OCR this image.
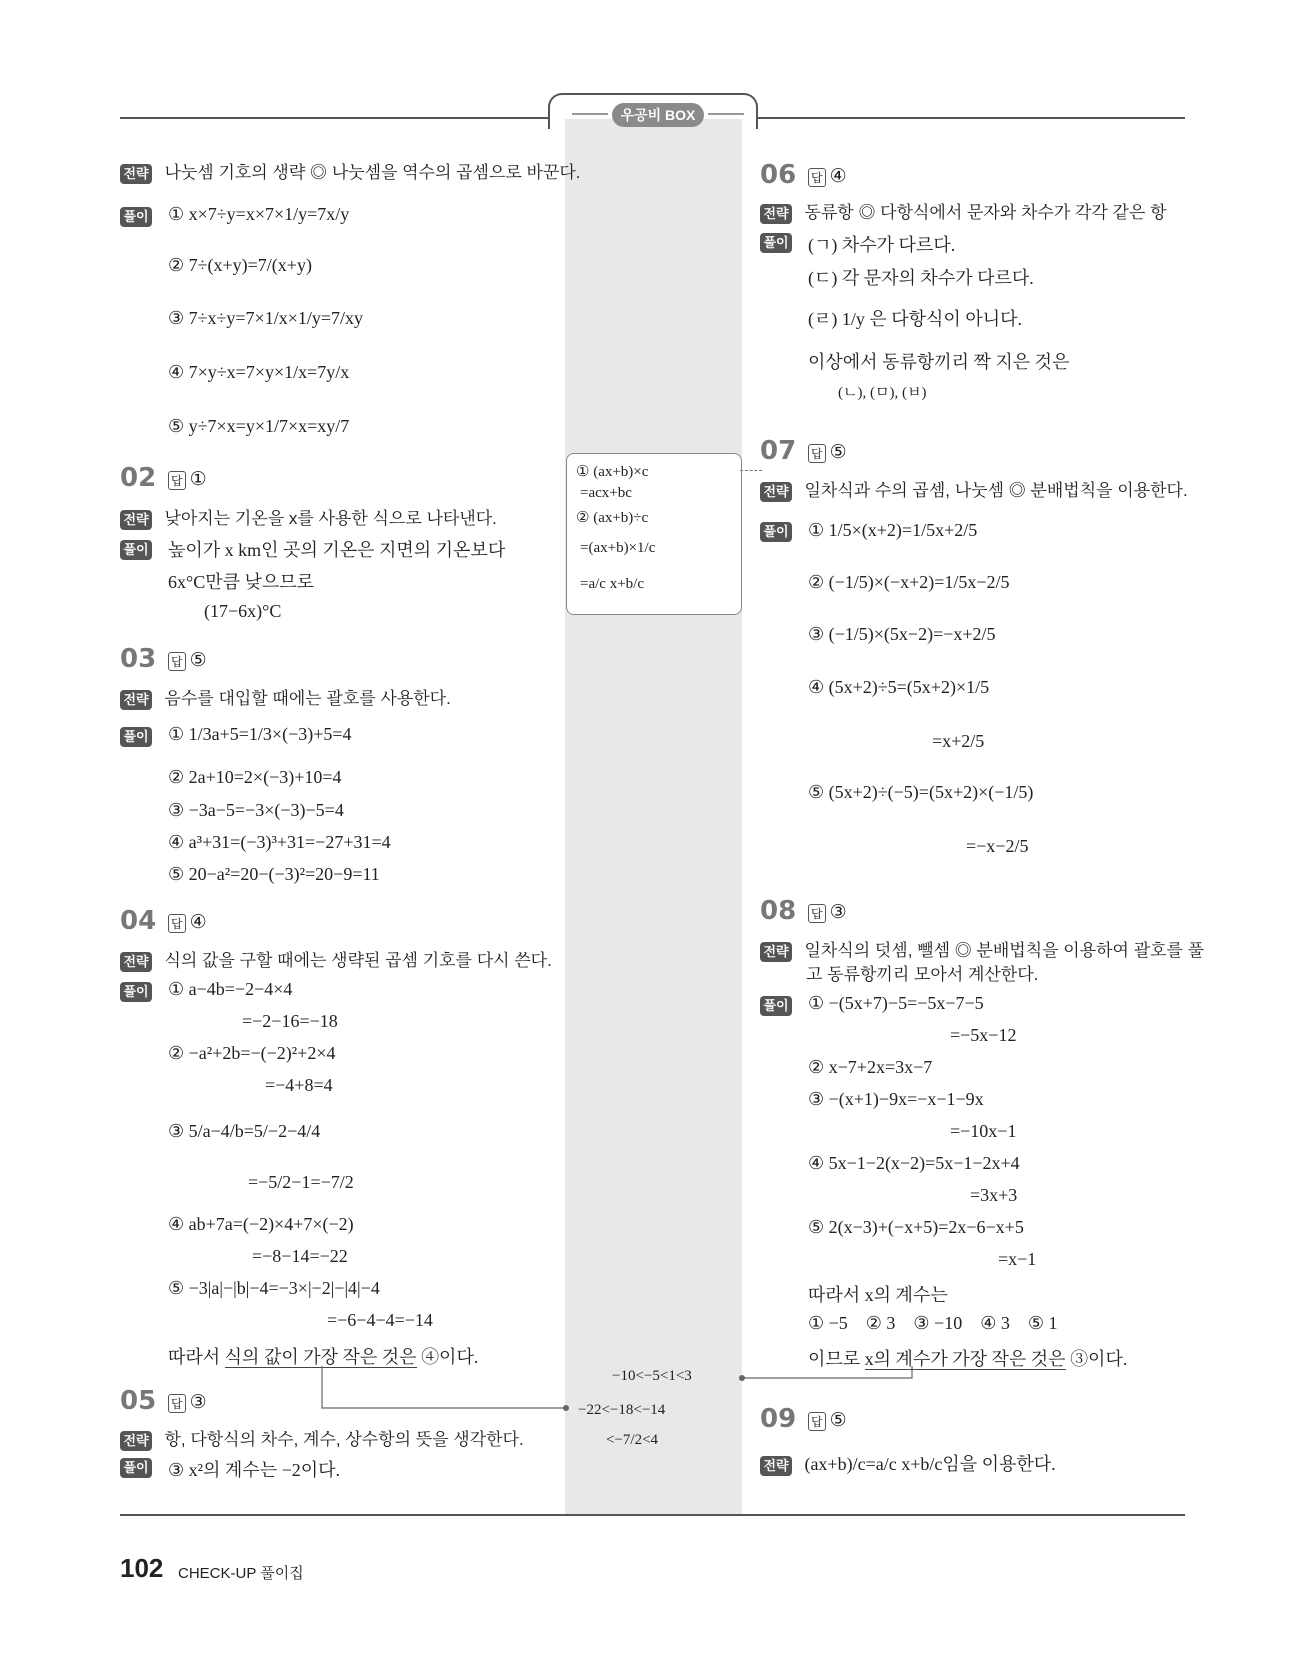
우공비 BOX
전략 나눗셈 기호의 생략 ◎ 나눗셈을 역수의 곱셈으로 바꾼다.
풀이 ① x×7÷y=x×7×1/y=7x/y
② 7÷(x+y)=7/(x+y)
③ 7÷x÷y=7×1/x×1/y=7/xy
④ 7×y÷x=7×y×1/x=7y/x
⑤ y÷7×x=y×1/7×x=xy/7
02 답 ①
전략 낮아지는 기온을 x를 사용한 식으로 나타낸다.
풀이 높이가 x km인 곳의 기온은 지면의 기온보다
6x°C만큼 낮으므로
(17−6x)°C
03 답 ⑤
전략 음수를 대입할 때에는 괄호를 사용한다.
풀이 ① 1/3a+5=1/3×(−3)+5=4
② 2a+10=2×(−3)+10=4
③ −3a−5=−3×(−3)−5=4
④ a³+31=(−3)³+31=−27+31=4
⑤ 20−a²=20−(−3)²=20−9=11
04 답 ④
전략 식의 값을 구할 때에는 생략된 곱셈 기호를 다시 쓴다.
풀이 ① a−4b=−2−4×4
=−2−16=−18
② −a²+2b=−(−2)²+2×4
=−4+8=4
③ 5/a−4/b=5/−2−4/4
=−5/2−1=−7/2
④ ab+7a=(−2)×4+7×(−2)
=−8−14=−22
⑤ −3|a|−|b|−4=−3×|−2|−|4|−4
=−6−4−4=−14
따라서 식의 값이 가장 작은 것은 ④이다.
05 답 ③
전략 항, 다항식의 차수, 계수, 상수항의 뜻을 생각한다.
풀이 ③ x²의 계수는 −2이다.
① (ax+b)×c
=acx+bc
② (ax+b)÷c
=(ax+b)×1/c
=a/c x+b/c
−10<−5<1<3
−22<−18<−14
<−7/2<4
06 답 ④
전략 동류항 ◎ 다항식에서 문자와 차수가 각각 같은 항
풀이 (ㄱ) 차수가 다르다.
(ㄷ) 각 문자의 차수가 다르다.
(ㄹ) 1/y 은 다항식이 아니다.
이상에서 동류항끼리 짝 지은 것은
(ㄴ), (ㅁ), (ㅂ)
07 답 ⑤
전략 일차식과 수의 곱셈, 나눗셈 ◎ 분배법칙을 이용한다.
풀이 ① 1/5×(x+2)=1/5x+2/5
② (−1/5)×(−x+2)=1/5x−2/5
③ (−1/5)×(5x−2)=−x+2/5
④ (5x+2)÷5=(5x+2)×1/5
=x+2/5
⑤ (5x+2)÷(−5)=(5x+2)×(−1/5)
=−x−2/5
08 답 ③
전략 일차식의 덧셈, 뺄셈 ◎ 분배법칙을 이용하여 괄호를 풀
고 동류항끼리 모아서 계산한다.
풀이 ① −(5x+7)−5=−5x−7−5
=−5x−12
② x−7+2x=3x−7
③ −(x+1)−9x=−x−1−9x
=−10x−1
④ 5x−1−2(x−2)=5x−1−2x+4
=3x+3
⑤ 2(x−3)+(−x+5)=2x−6−x+5
=x−1
따라서 x의 계수는
① −5    ② 3    ③ −10    ④ 3    ⑤ 1
이므로 x의 계수가 가장 작은 것은 ③이다.
09 답 ⑤
전략 (ax+b)/c=a/c x+b/c임을 이용한다.
102 CHECK-UP 풀이집
